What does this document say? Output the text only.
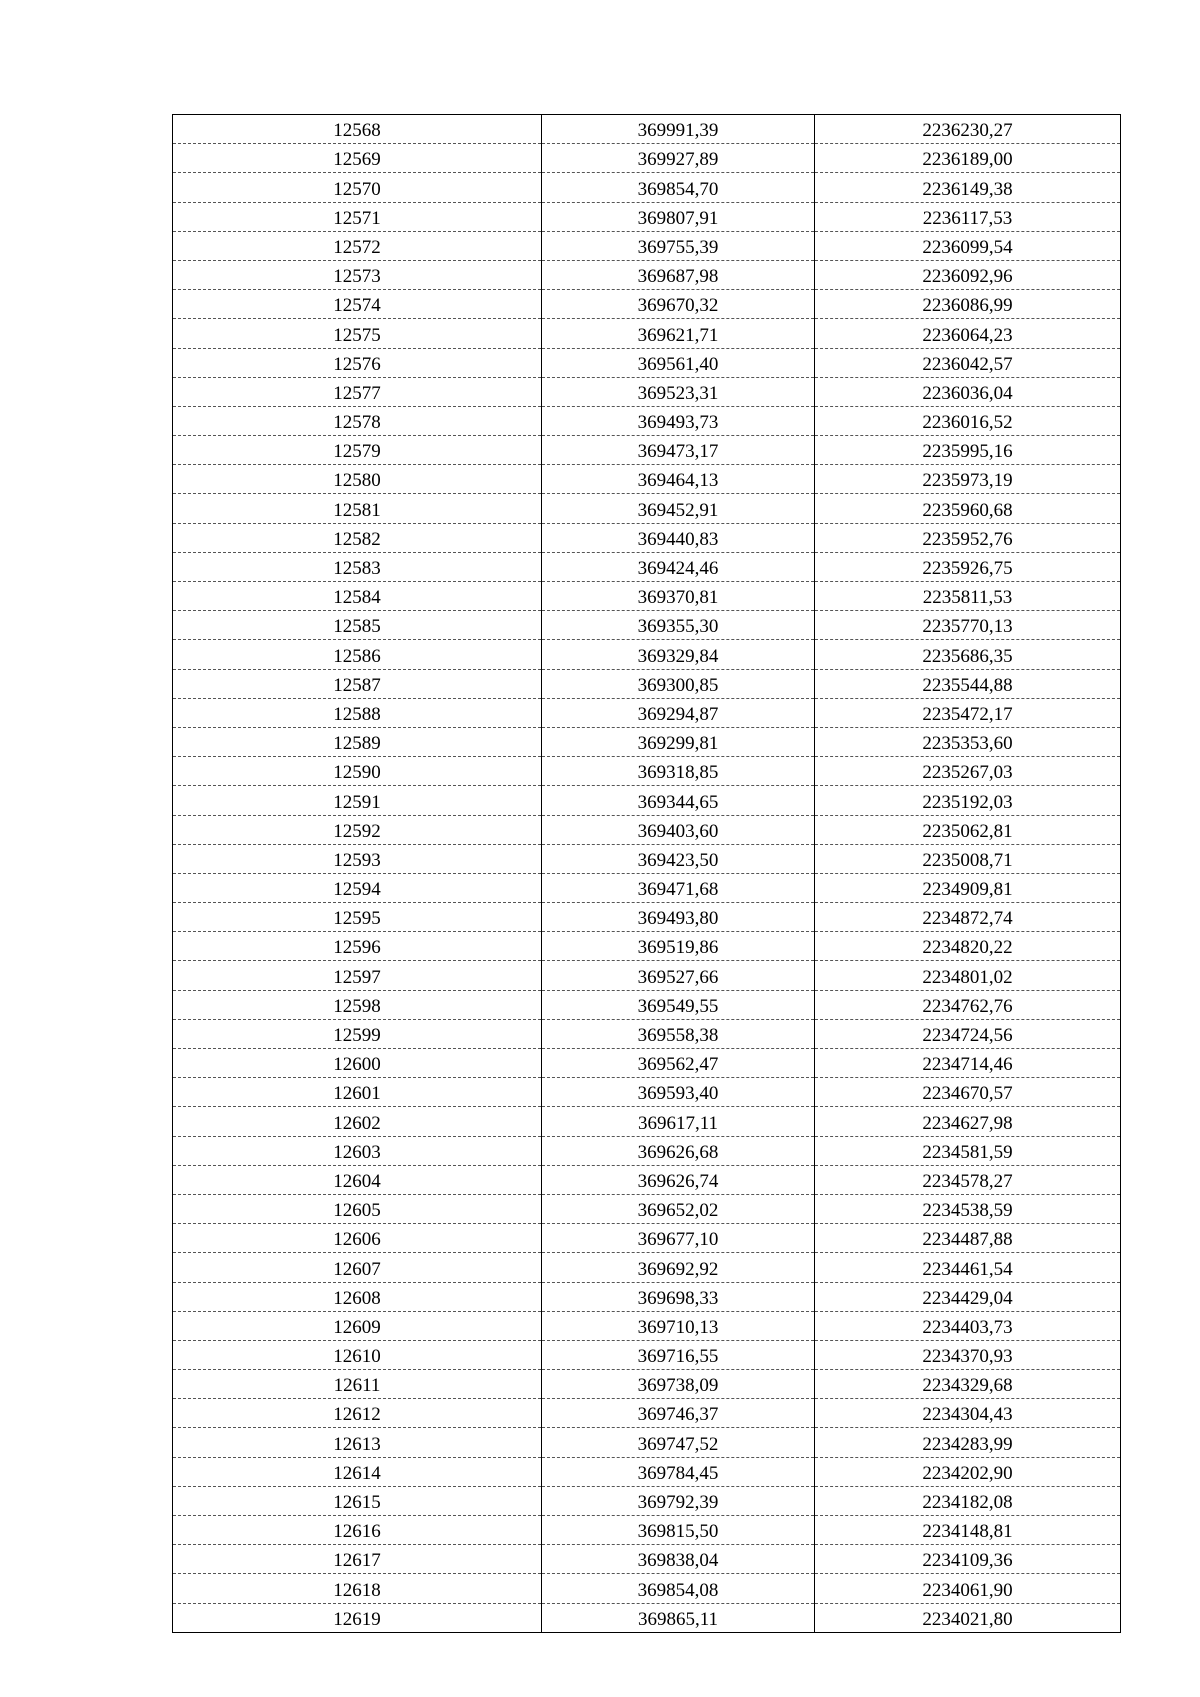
12568	369991,39	2236230,27
12569	369927,89	2236189,00
12570	369854,70	2236149,38
12571	369807,91	2236117,53
12572	369755,39	2236099,54
12573	369687,98	2236092,96
12574	369670,32	2236086,99
12575	369621,71	2236064,23
12576	369561,40	2236042,57
12577	369523,31	2236036,04
12578	369493,73	2236016,52
12579	369473,17	2235995,16
12580	369464,13	2235973,19
12581	369452,91	2235960,68
12582	369440,83	2235952,76
12583	369424,46	2235926,75
12584	369370,81	2235811,53
12585	369355,30	2235770,13
12586	369329,84	2235686,35
12587	369300,85	2235544,88
12588	369294,87	2235472,17
12589	369299,81	2235353,60
12590	369318,85	2235267,03
12591	369344,65	2235192,03
12592	369403,60	2235062,81
12593	369423,50	2235008,71
12594	369471,68	2234909,81
12595	369493,80	2234872,74
12596	369519,86	2234820,22
12597	369527,66	2234801,02
12598	369549,55	2234762,76
12599	369558,38	2234724,56
12600	369562,47	2234714,46
12601	369593,40	2234670,57
12602	369617,11	2234627,98
12603	369626,68	2234581,59
12604	369626,74	2234578,27
12605	369652,02	2234538,59
12606	369677,10	2234487,88
12607	369692,92	2234461,54
12608	369698,33	2234429,04
12609	369710,13	2234403,73
12610	369716,55	2234370,93
12611	369738,09	2234329,68
12612	369746,37	2234304,43
12613	369747,52	2234283,99
12614	369784,45	2234202,90
12615	369792,39	2234182,08
12616	369815,50	2234148,81
12617	369838,04	2234109,36
12618	369854,08	2234061,90
12619	369865,11	2234021,80
